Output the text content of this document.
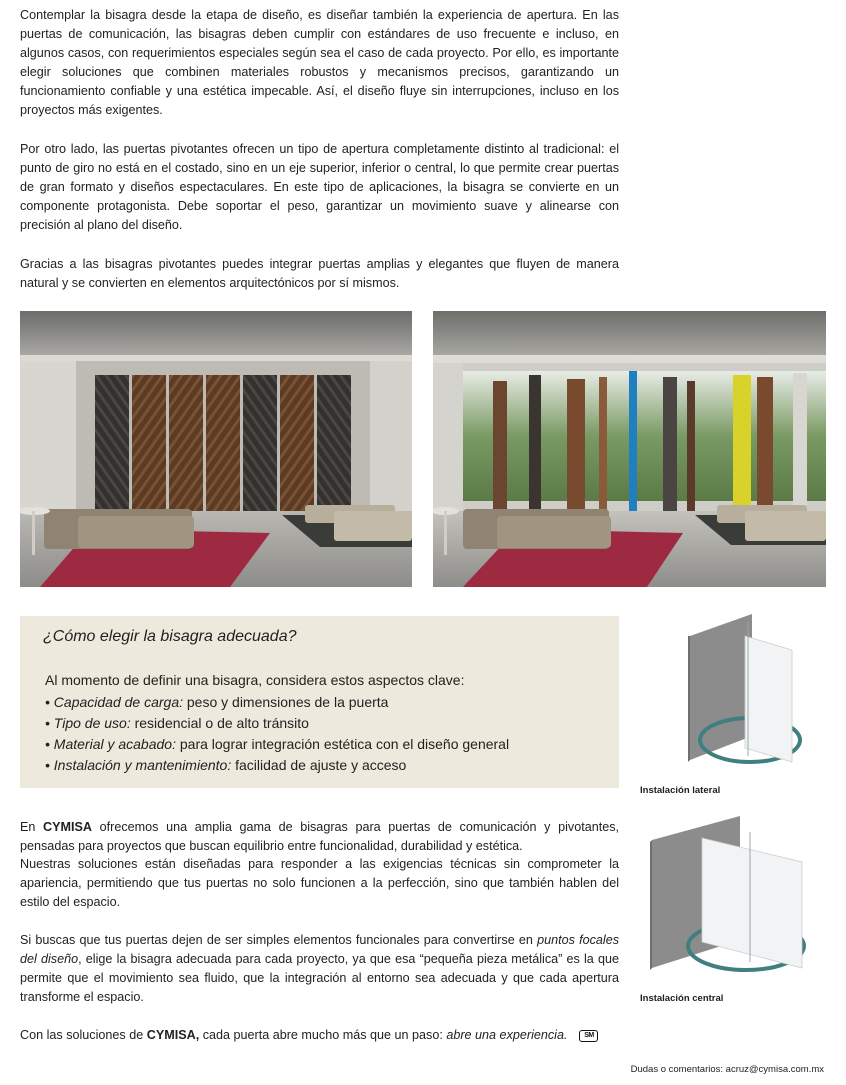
Contemplar la bisagra desde la etapa de diseño, es diseñar también la experiencia de apertura. En las puertas de comunicación, las bisagras deben cumplir con estándares de uso frecuente e incluso, en algunos casos, con requerimientos especiales según sea el caso de cada proyecto. Por ello, es importante elegir soluciones que combinen materiales robustos y mecanismos precisos, garantizando un funcionamiento confiable y una estética impecable. Así, el diseño fluye sin interrupciones, incluso en los proyectos más exigentes.

Por otro lado, las puertas pivotantes ofrecen un tipo de apertura completamente distinto al tradicional: el punto de giro no está en el costado, sino en un eje superior, inferior o central, lo que permite crear puertas de gran formato y diseños espectaculares. En este tipo de aplicaciones, la bisagra se convierte en un componente protagonista. Debe soportar el peso, garantizar un movimiento suave y alinearse con precisión al plano del diseño.

Gracias a las bisagras pivotantes puedes integrar puertas amplias y elegantes que fluyen de manera natural y se convierten en elementos arquitectónicos por sí mismos.

¿Cómo elegir la bisagra adecuada?

Al momento de definir una bisagra, considera estos aspectos clave:

• Capacidad de carga: peso y dimensiones de la puerta
• Tipo de uso: residencial o de alto tránsito
• Material y acabado: para lograr integración estética con el diseño general
• Instalación y mantenimiento: facilidad de ajuste y acceso

Instalación lateral

Instalación central

En CYMISA ofrecemos una amplia gama de bisagras para puertas de comunicación y pivotantes, pensadas para proyectos que buscan equilibrio entre funcionalidad, durabilidad y estética.

Nuestras soluciones están diseñadas para responder a las exigencias técnicas sin comprometer la apariencia, permitiendo que tus puertas no solo funcionen a la perfección, sino que también hablen del estilo del espacio.

Si buscas que tus puertas dejen de ser simples elementos funcionales para convertirse en puntos focales del diseño, elige la bisagra adecuada para cada proyecto, ya que esa “pequeña pieza metálica” es la que permite que el movimiento sea fluido, que la integración al entorno sea adecuada y que cada apertura transforme el espacio.

Con las soluciones de CYMISA, cada puerta abre mucho más que un paso: abre una experiencia. SM

Dudas o comentarios: acruz@cymisa.com.mx
